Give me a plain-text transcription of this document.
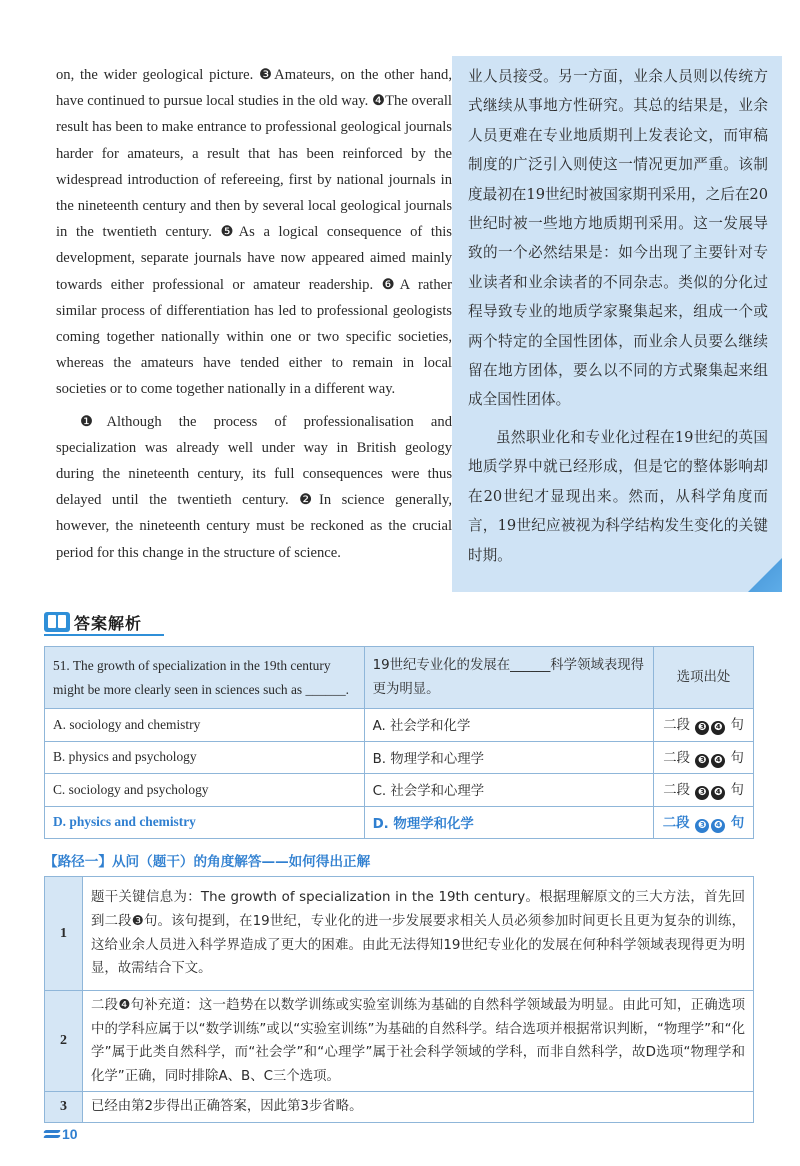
on, the wider geological picture. ❸Amateurs, on the other hand, have continued to pursue local studies in the old way. ❹The overall result has been to make entrance to professional geological journals harder for amateurs, a result that has been reinforced by the widespread introduction of refereeing, first by national journals in the nineteenth century and then by several local geological journals in the twentieth century. ❺As a logical consequence of this development, separate journals have now appeared aimed mainly towards either professional or amateur readership. ❻A rather similar process of differentiation has led to professional geologists coming together nationally within one or two specific societies, whereas the amateurs have tended either to remain in local societies or to come together nationally in a different way.

❶Although the process of professionalisation and specialization was already well under way in British geology during the nineteenth century, its full consequences were thus delayed until the twentieth century. ❷In science generally, however, the nineteenth century must be reckoned as the crucial period for this change in the structure of science.

业人员接受。另一方面，业余人员则以传统方式继续从事地方性研究。其总的结果是，业余人员更难在专业地质期刊上发表论文，而审稿制度的广泛引入则使这一情况更加严重。该制度最初在19世纪时被国家期刊采用，之后在20世纪时被一些地方地质期刊采用。这一发展导致的一个必然结果是：如今出现了主要针对专业读者和业余读者的不同杂志。类似的分化过程导致专业的地质学家聚集起来，组成一个或两个特定的全国性团体，而业余人员要么继续留在地方团体，要么以不同的方式聚集起来组成全国性团体。

虽然职业化和专业化过程在19世纪的英国地质学界中就已经形成，但是它的整体影响却在20世纪才显现出来。然而，从科学角度而言，19世纪应被视为科学结构发生变化的关键时期。

答案解析
51. The growth of specialization in the 19th century might be more clearly seen in sciences such as ______.	19世纪专业化的发展在______科学领域表现得更为明显。	选项出处
A. sociology and chemistry	A. 社会学和化学	二段 ❸ ❹ 句
B. physics and psychology	B. 物理学和心理学	二段 ❸ ❹ 句
C. sociology and psychology	C. 社会学和心理学	二段 ❸ ❹ 句
D. physics and chemistry	D. 物理学和化学	二段 ❸ ❹ 句
【路径一】从问（题干）的角度解答——如何得出正解
1	题干关键信息为：The growth of specialization in the 19th century。根据理解原文的三大方法，首先回到二段❸句。该句提到，在19世纪，专业化的进一步发展要求相关人员必须参加时间更长且更为复杂的训练，这给业余人员进入科学界造成了更大的困难。由此无法得知19世纪专业化的发展在何种科学领域表现得更为明显，故需结合下文。
2	二段❹句补充道：这一趋势在以数学训练或实验室训练为基础的自然科学领域最为明显。由此可知，正确选项中的学科应属于以“数学训练”或以“实验室训练”为基础的自然科学。结合选项并根据常识判断，“物理学”和“化学”属于此类自然科学，而“社会学”和“心理学”属于社会科学领域的学科，而非自然科学，故D选项“物理学和化学”正确，同时排除A、B、C三个选项。
3	已经由第2步得出正确答案，因此第3步省略。
10
